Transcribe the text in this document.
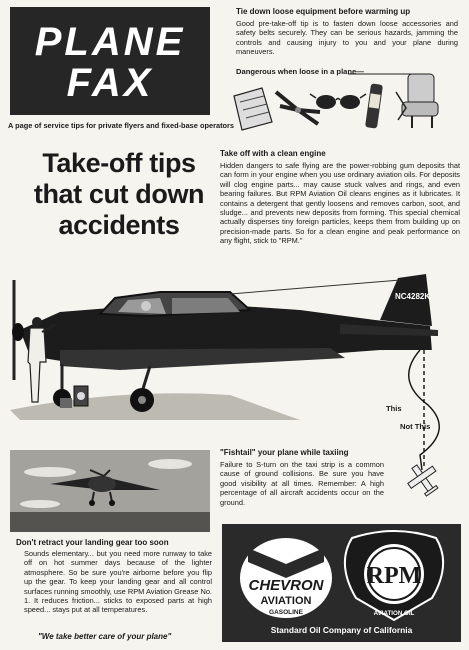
PLANE
FAX
A page of service tips for private flyers and fixed-base operators
Take-off tips that cut down accidents
Tie down loose equipment before warming up
Good pre-take-off tip is to fasten down loose accessories and safety belts securely. They can be serious hazards, jamming the controls and causing injury to you and your plane during maneuvers.
Dangerous when loose in a plane—
Take off with a clean engine
Hidden dangers to safe flying are the power-robbing gum deposits that can form in your engine when you use ordinary aviation oils. For deposits will clog engine parts... may cause stuck valves and rings, and even bearing failures. But RPM Aviation Oil cleans engines as it lubricates. It contains a detergent that gently loosens and removes carbon, soot, and sludge... and prevents new deposits from forming. This special chemical actually disperses tiny foreign particles, keeps them from building up on precision-made parts. So for a clean engine and peak performance on any flight, stick to "RPM."
NC4282K
This
Not This
"Fishtail" your plane while taxiing
Failure to S-turn on the taxi strip is a common cause of ground collisions. Be sure you have good visibility at all times. Remember: A high percentage of all aircraft accidents occur on the ground.
Don't retract your landing gear too soon
Sounds elementary... but you need more runway to take off on hot summer days because of the lighter atmosphere. So be sure you're airborne before you flip up the gear. To keep your landing gear and all control surfaces running smoothly, use RPM Aviation Grease No. 1. It reduces friction... sticks to exposed parts at high speed... stays put at all temperatures.
"We take better care of your plane"
CHEVRON
AVIATION
GASOLINE
RPM
AVIATION OIL
Standard Oil Company of California
